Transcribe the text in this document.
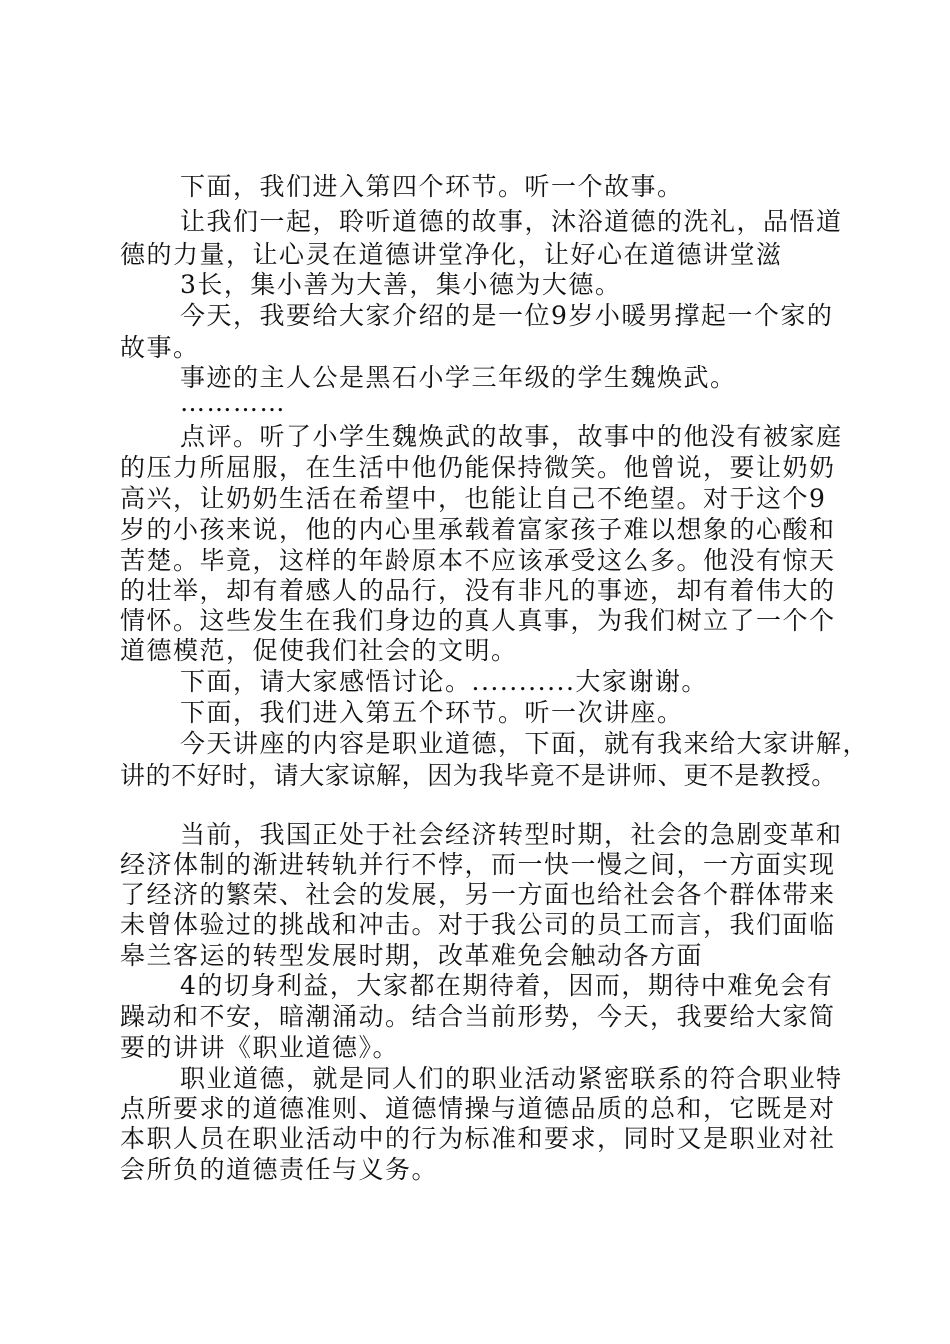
下面，我们进入第四个环节。听一个故事。

让我们一起，聆听道德的故事，沐浴道德的洗礼，品悟道

德的力量，让心灵在道德讲堂净化，让好心在道德讲堂滋

3长，集小善为大善，集小德为大德。

今天，我要给大家介绍的是一位9岁小暖男撑起一个家的

故事。

事迹的主人公是黑石小学三年级的学生魏焕武。

…………

点评。听了小学生魏焕武的故事，故事中的他没有被家庭

的压力所屈服，在生活中他仍能保持微笑。他曾说，要让奶奶

高兴，让奶奶生活在希望中，也能让自己不绝望。对于这个9

岁的小孩来说，他的内心里承载着富家孩子难以想象的心酸和

苦楚。毕竟，这样的年龄原本不应该承受这么多。他没有惊天

的壮举，却有着感人的品行，没有非凡的事迹，却有着伟大的

情怀。这些发生在我们身边的真人真事，为我们树立了一个个

道德模范，促使我们社会的文明。

下面，请大家感悟讨论。...........大家谢谢。

下面，我们进入第五个环节。听一次讲座。

今天讲座的内容是职业道德，下面，就有我来给大家讲解，

讲的不好时，请大家谅解，因为我毕竟不是讲师、更不是教授。

当前，我国正处于社会经济转型时期，社会的急剧变革和

经济体制的渐进转轨并行不悖，而一快一慢之间，一方面实现

了经济的繁荣、社会的发展，另一方面也给社会各个群体带来

未曾体验过的挑战和冲击。对于我公司的员工而言，我们面临

皋兰客运的转型发展时期，改革难免会触动各方面

4的切身利益，大家都在期待着，因而，期待中难免会有

躁动和不安，暗潮涌动。结合当前形势，今天，我要给大家简

要的讲讲《职业道德》。

职业道德，就是同人们的职业活动紧密联系的符合职业特

点所要求的道德准则、道德情操与道德品质的总和，它既是对

本职人员在职业活动中的行为标准和要求，同时又是职业对社

会所负的道德责任与义务。
